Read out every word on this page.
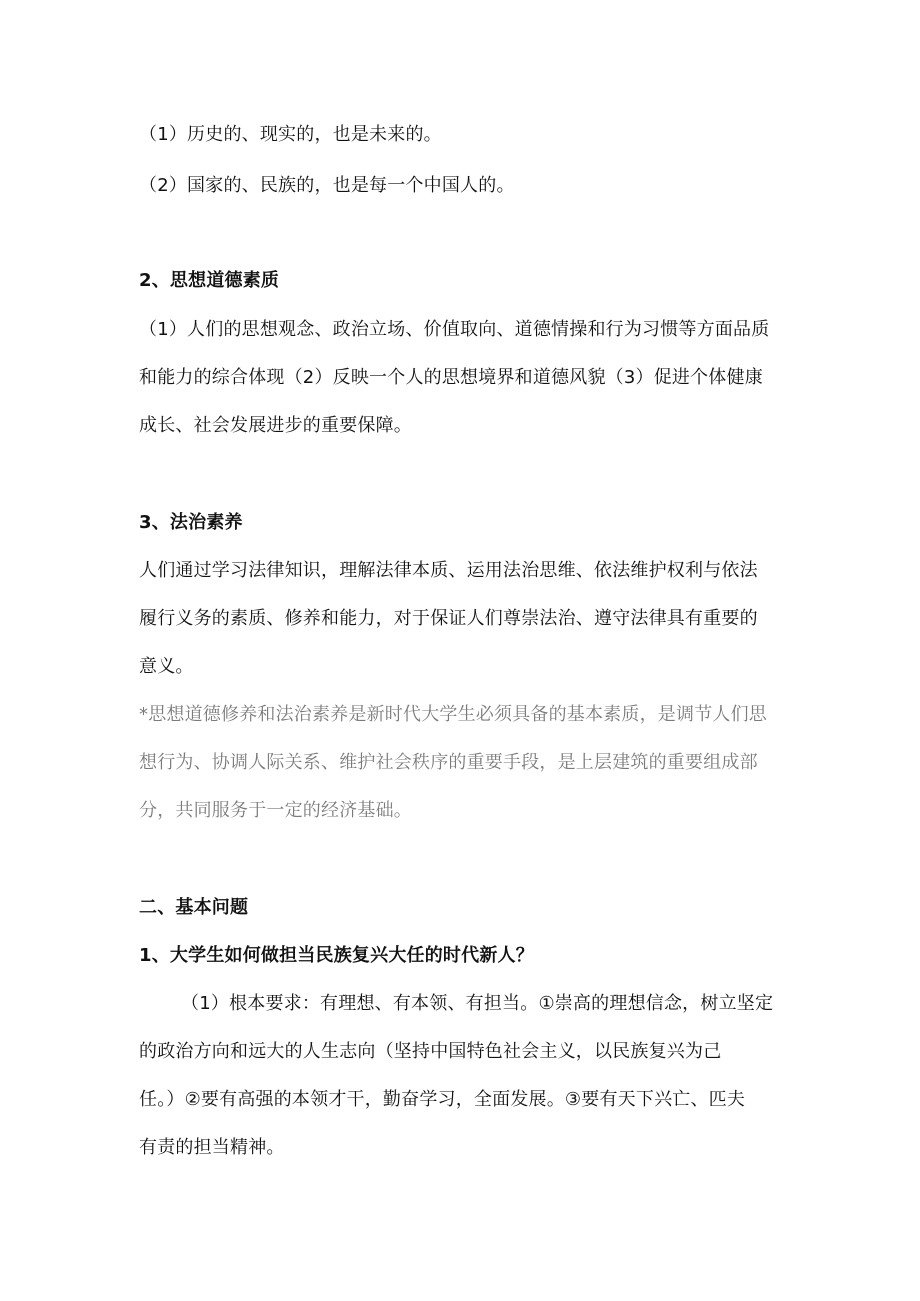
（1）历史的、现实的，也是未来的。
（2）国家的、民族的，也是每一个中国人的。
2、思想道德素质
（1）人们的思想观念、政治立场、价值取向、道德情操和行为习惯等方面品质
和能力的综合体现（2）反映一个人的思想境界和道德风貌（3）促进个体健康
成长、社会发展进步的重要保障。
3、法治素养
人们通过学习法律知识，理解法律本质、运用法治思维、依法维护权利与依法
履行义务的素质、修养和能力，对于保证人们尊崇法治、遵守法律具有重要的
意义。
*思想道德修养和法治素养是新时代大学生必须具备的基本素质，是调节人们思
想行为、协调人际关系、维护社会秩序的重要手段，是上层建筑的重要组成部
分，共同服务于一定的经济基础。
二、基本问题
1、大学生如何做担当民族复兴大任的时代新人？
（1）根本要求：有理想、有本领、有担当。①崇高的理想信念，树立坚定
的政治方向和远大的人生志向（坚持中国特色社会主义，以民族复兴为己
任。）②要有高强的本领才干，勤奋学习，全面发展。③要有天下兴亡、匹夫
有责的担当精神。
